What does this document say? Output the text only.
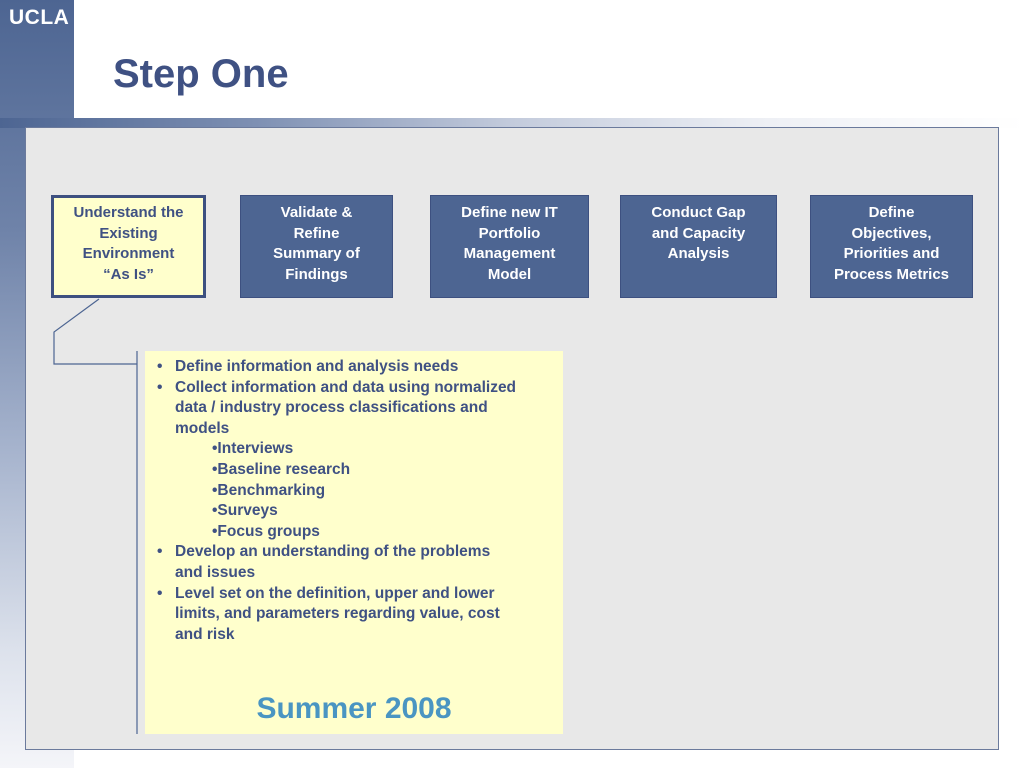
UCLA
Step One
Understand the
Existing
Environment
“As Is”
Validate &
Refine
Summary of
Findings
Define new IT
Portfolio
Management
Model
Conduct Gap
and Capacity
Analysis
Define
Objectives,
Priorities and
Process Metrics
• Define information and analysis needs
• Collect information and data using normalized
data / industry process classifications and
models
•Interviews
•Baseline research
•Benchmarking
•Surveys
•Focus groups
• Develop an understanding of the problems
and issues
• Level set on the definition, upper and lower
limits, and parameters regarding value, cost
and risk
Summer 2008
